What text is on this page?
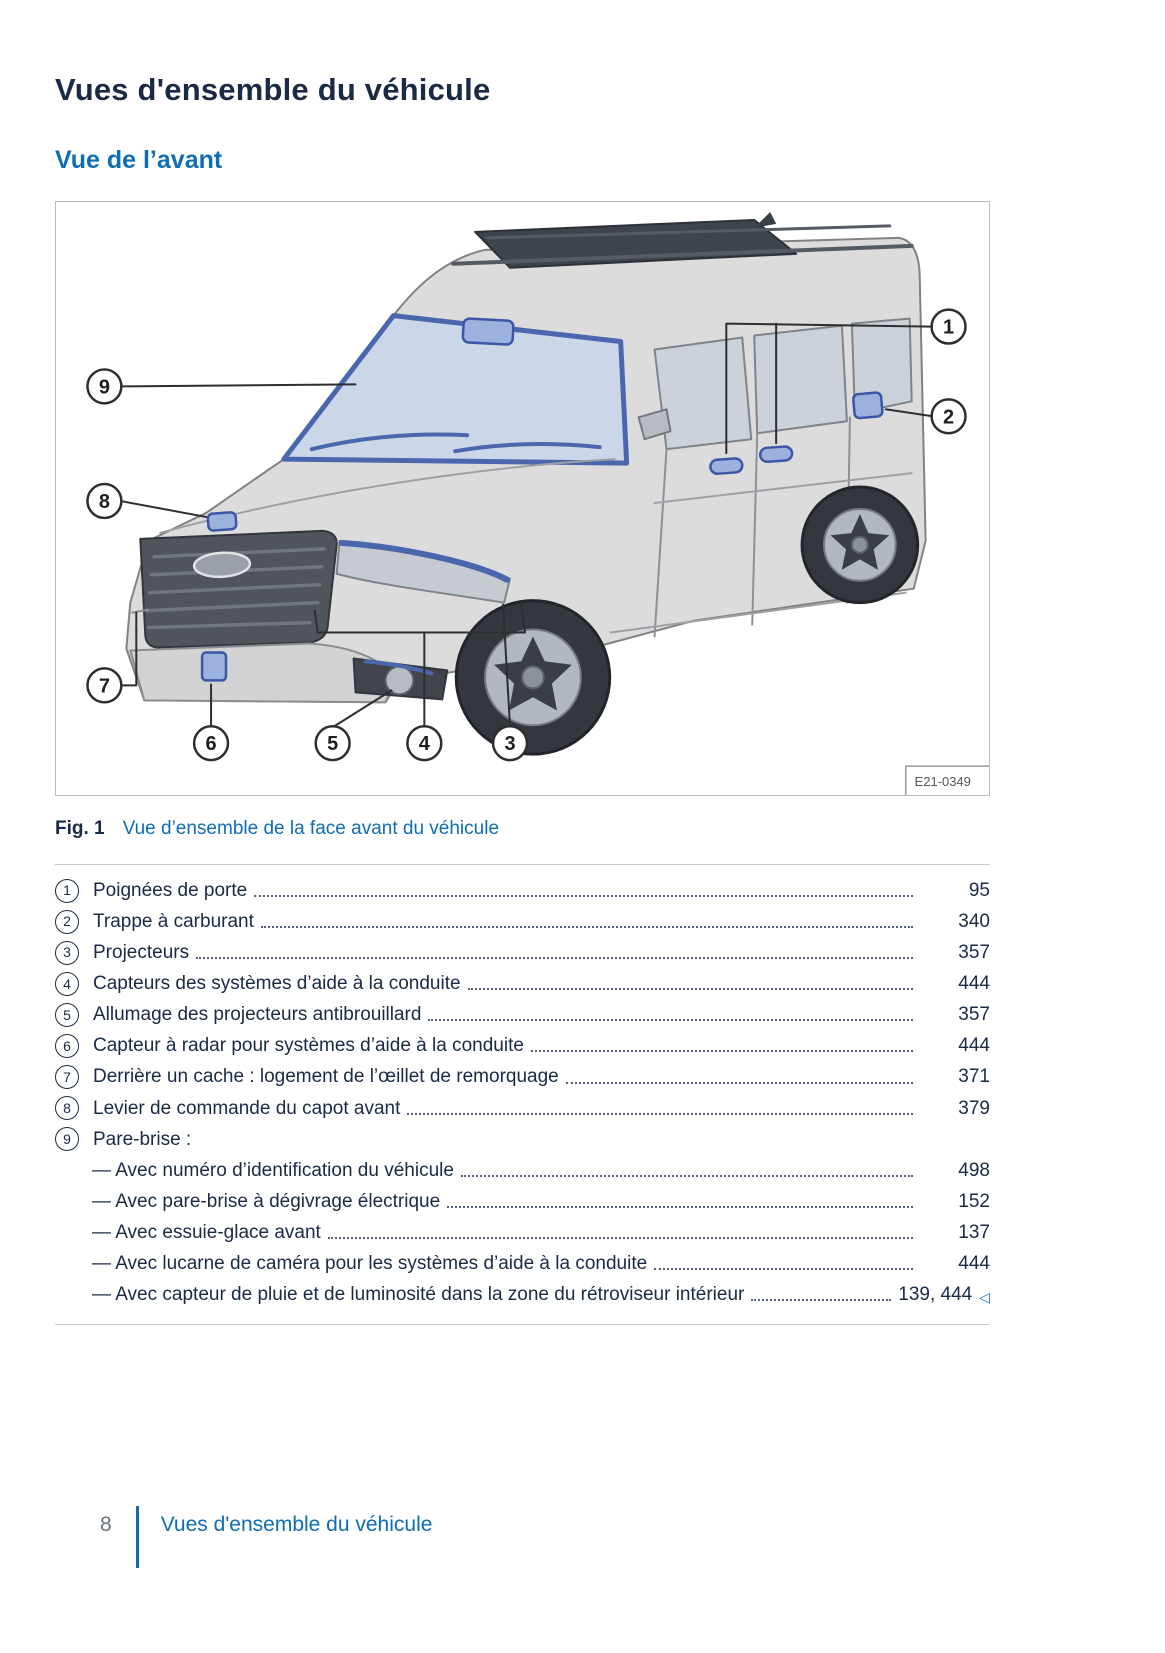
Vues d'ensemble du véhicule
Vue de l’avant
1
2
3
4
5
6
7
8
9
E21-0349
Fig. 1 Vue d’ensemble de la face avant du véhicule
1	Poignées de porte	95
2	Trappe à carburant	340
3	Projecteurs	357
4	Capteurs des systèmes d’aide à la conduite	444
5	Allumage des projecteurs antibrouillard	357
6	Capteur à radar pour systèmes d’aide à la conduite	444
7	Derrière un cache : logement de l’œillet de remorquage	371
8	Levier de commande du capot avant	379
9	Pare-brise :
— Avec numéro d’identification du véhicule	498
— Avec pare-brise à dégivrage électrique	152
— Avec essuie-glace avant	137
— Avec lucarne de caméra pour les systèmes d’aide à la conduite	444
— Avec capteur de pluie et de luminosité dans la zone du rétroviseur intérieur	139, 444 ◁
8 Vues d'ensemble du véhicule
